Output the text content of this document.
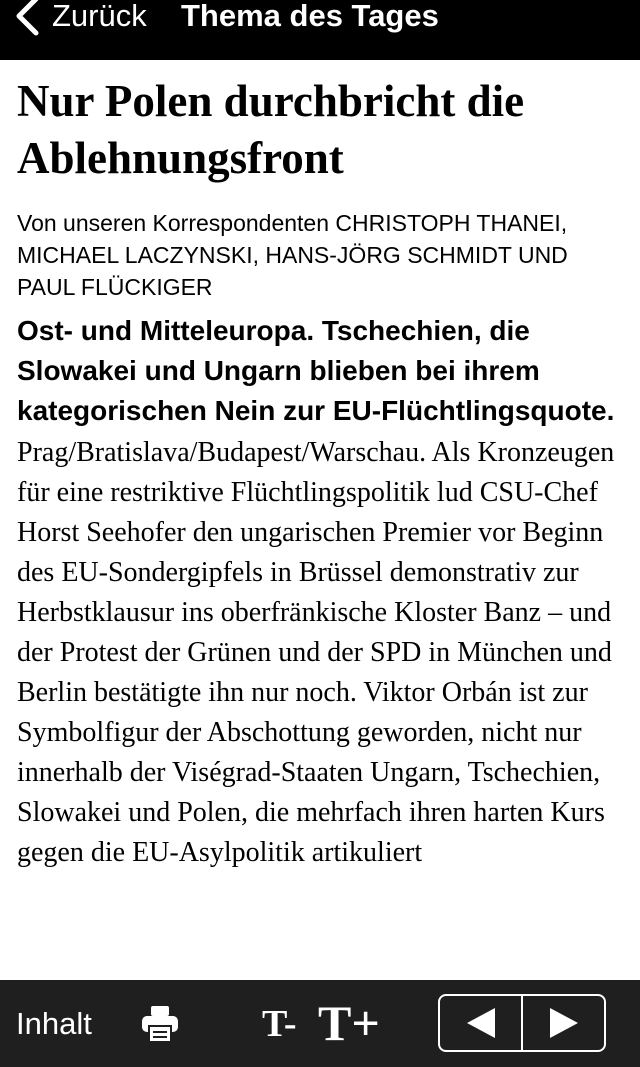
Zurück Thema des Tages
Nur Polen durchbricht die Ablehnungsfront

Von unseren Korrespondenten CHRISTOPH THANEI, MICHAEL LACZYNSKI, HANS-JÖRG SCHMIDT UND PAUL FLÜCKIGER

Ost- und Mitteleuropa. Tschechien, die Slowakei und Ungarn blieben bei ihrem kategorischen Nein zur EU-Flüchtlingsquote.

Prag/Bratislava/Budapest/Warschau. Als Kronzeugen für eine restriktive Flüchtlingspolitik lud CSU-Chef Horst Seehofer den ungarischen Premier vor Beginn des EU-Sondergipfels in Brüssel demonstrativ zur Herbstklausur ins oberfränkische Kloster Banz – und der Protest der Grünen und der SPD in München und Berlin bestätigte ihn nur noch. Viktor Orbán ist zur Symbolfigur der Abschottung geworden, nicht nur innerhalb der Viségrad-Staaten Ungarn, Tschechien, Slowakei und Polen, die mehrfach ihren harten Kurs gegen die EU-Asylpolitik artikuliert

Inhalt	T- T+
